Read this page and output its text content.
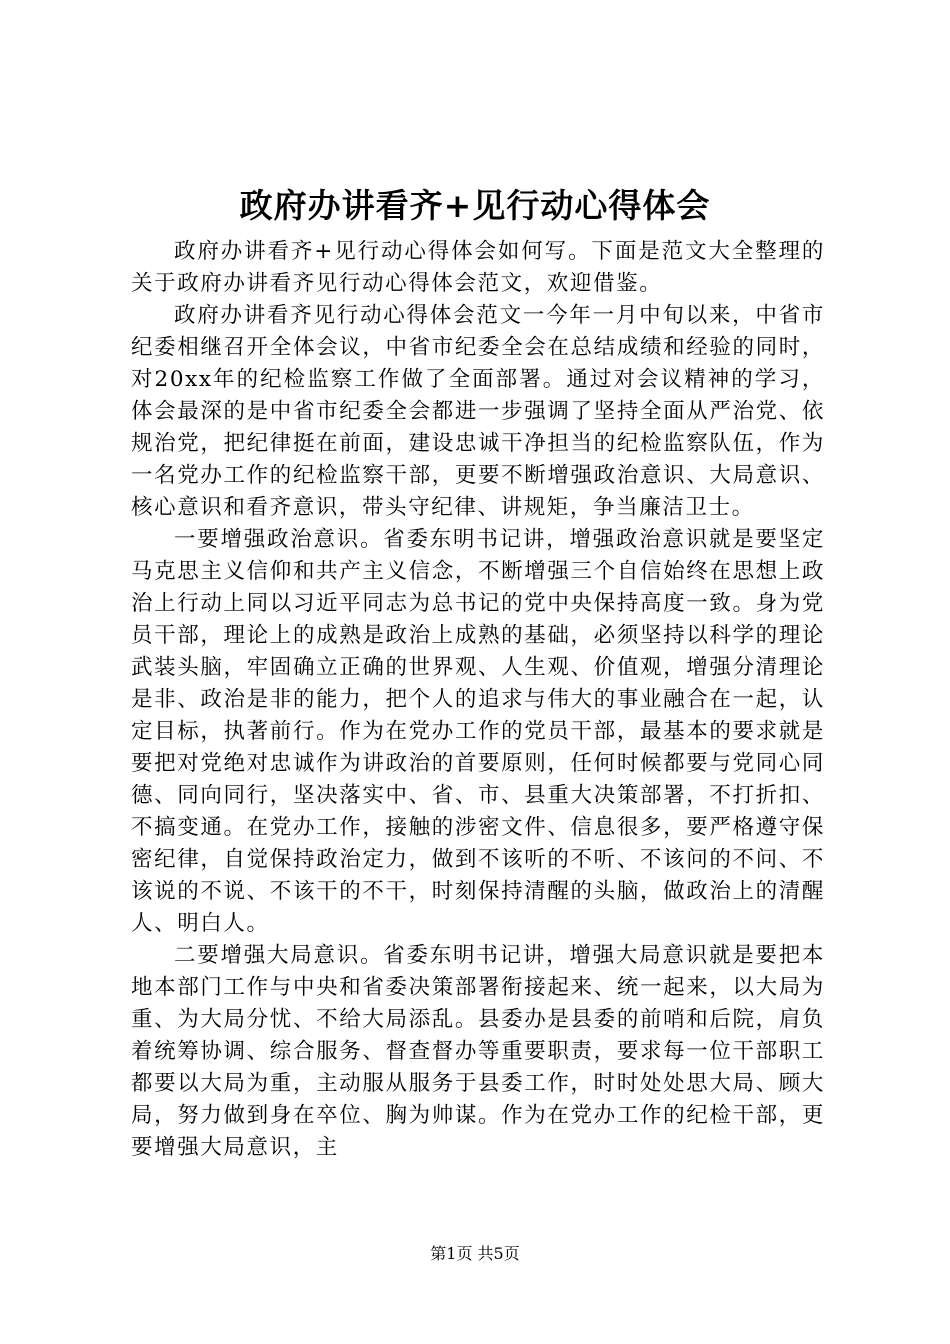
政府办讲看齐+见行动心得体会

政府办讲看齐+见行动心得体会如何写。下面是范文大全整理的关于政府办讲看齐见行动心得体会范文，欢迎借鉴。

政府办讲看齐见行动心得体会范文一今年一月中旬以来，中省市纪委相继召开全体会议，中省市纪委全会在总结成绩和经验的同时，对20xx年的纪检监察工作做了全面部署。通过对会议精神的学习，体会最深的是中省市纪委全会都进一步强调了坚持全面从严治党、依规治党，把纪律挺在前面，建设忠诚干净担当的纪检监察队伍，作为一名党办工作的纪检监察干部，更要不断增强政治意识、大局意识、核心意识和看齐意识，带头守纪律、讲规矩，争当廉洁卫士。

一要增强政治意识。省委东明书记讲，增强政治意识就是要坚定马克思主义信仰和共产主义信念，不断增强三个自信始终在思想上政治上行动上同以习近平同志为总书记的党中央保持高度一致。身为党员干部，理论上的成熟是政治上成熟的基础，必须坚持以科学的理论武装头脑，牢固确立正确的世界观、人生观、价值观，增强分清理论是非、政治是非的能力，把个人的追求与伟大的事业融合在一起，认定目标，执著前行。作为在党办工作的党员干部，最基本的要求就是要把对党绝对忠诚作为讲政治的首要原则，任何时候都要与党同心同德、同向同行，坚决落实中、省、市、县重大决策部署，不打折扣、不搞变通。在党办工作，接触的涉密文件、信息很多，要严格遵守保密纪律，自觉保持政治定力，做到不该听的不听、不该问的不问、不该说的不说、不该干的不干，时刻保持清醒的头脑，做政治上的清醒人、明白人。

二要增强大局意识。省委东明书记讲，增强大局意识就是要把本地本部门工作与中央和省委决策部署衔接起来、统一起来，以大局为重、为大局分忧、不给大局添乱。县委办是县委的前哨和后院，肩负着统筹协调、综合服务、督查督办等重要职责，要求每一位干部职工都要以大局为重，主动服从服务于县委工作，时时处处思大局、顾大局，努力做到身在卒位、胸为帅谋。作为在党办工作的纪检干部，更要增强大局意识，主

第1页 共5页
